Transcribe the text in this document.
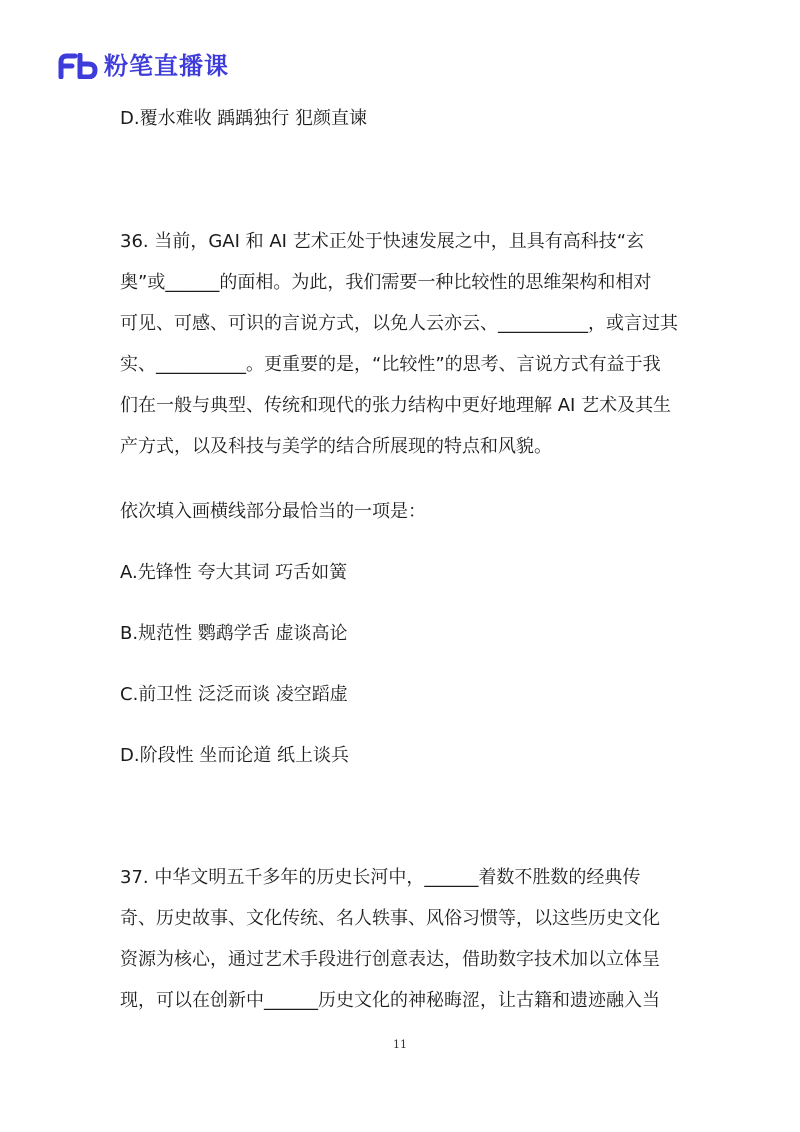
粉笔直播课

D.覆水难收 踽踽独行 犯颜直谏

36. 当前，GAI 和 AI 艺术正处于快速发展之中，且具有高科技“玄

奥”或______的面相。为此，我们需要一种比较性的思维架构和相对

可见、可感、可识的言说方式，以免人云亦云、__________，或言过其

实、__________。更重要的是，“比较性”的思考、言说方式有益于我

们在一般与典型、传统和现代的张力结构中更好地理解 AI 艺术及其生

产方式，以及科技与美学的结合所展现的特点和风貌。

依次填入画横线部分最恰当的一项是：

A.先锋性 夸大其词 巧舌如簧

B.规范性 鹦鹉学舌 虚谈高论

C.前卫性 泛泛而谈 凌空蹈虚

D.阶段性 坐而论道 纸上谈兵

37. 中华文明五千多年的历史长河中，______着数不胜数的经典传

奇、历史故事、文化传统、名人轶事、风俗习惯等，以这些历史文化

资源为核心，通过艺术手段进行创意表达，借助数字技术加以立体呈

现，可以在创新中______历史文化的神秘晦涩，让古籍和遗迹融入当

11
